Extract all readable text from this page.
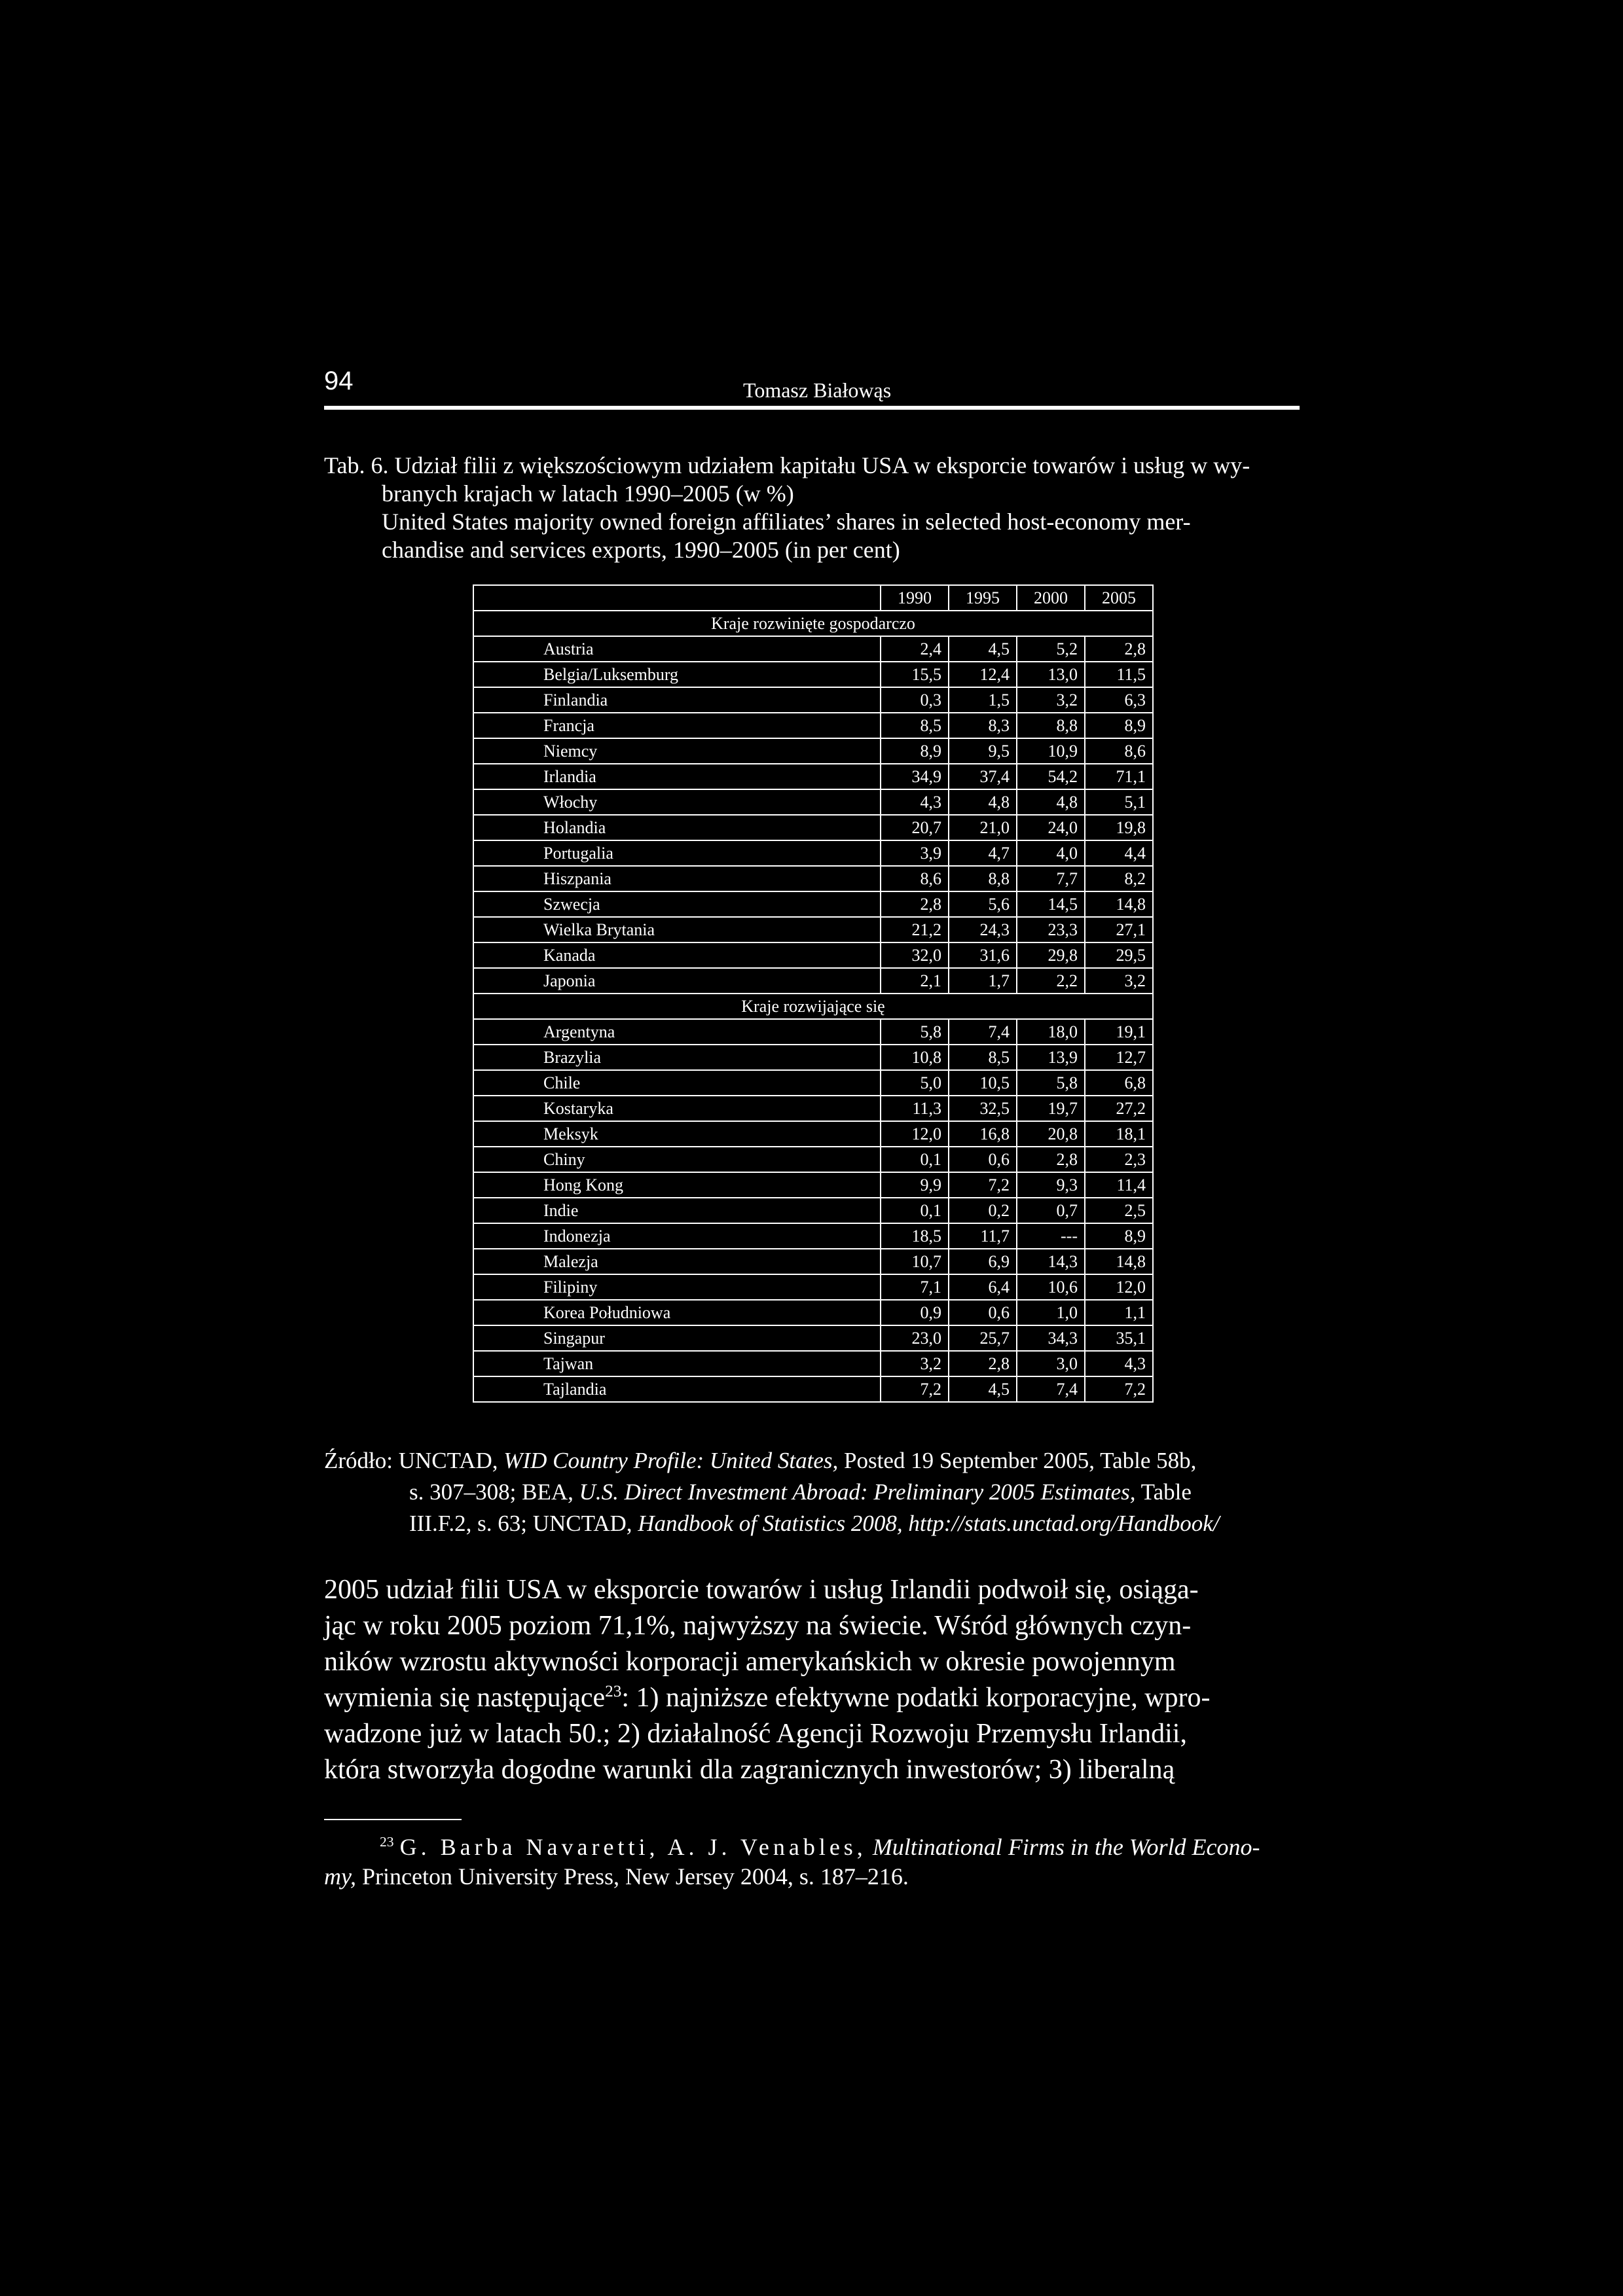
94	Tomasz Białowąs
Tab. 6. Udział filii z większościowym udziałem kapitału USA w eksporcie towarów i usług w wy-
branych krajach w latach 1990–2005 (w %)
United States majority owned foreign affiliates’ shares in selected host-economy mer-
chandise and services exports, 1990–2005 (in per cent)
	1990	1995	2000	2005
Kraje rozwinięte gospodarczo				
Austria	2,4	4,5	5,2	2,8
Belgia/Luksemburg	15,5	12,4	13,0	11,5
Finlandia	0,3	1,5	3,2	6,3
Francja	8,5	8,3	8,8	8,9
Niemcy	8,9	9,5	10,9	8,6
Irlandia	34,9	37,4	54,2	71,1
Włochy	4,3	4,8	4,8	5,1
Holandia	20,7	21,0	24,0	19,8
Portugalia	3,9	4,7	4,0	4,4
Hiszpania	8,6	8,8	7,7	8,2
Szwecja	2,8	5,6	14,5	14,8
Wielka Brytania	21,2	24,3	23,3	27,1
Kanada	32,0	31,6	29,8	29,5
Japonia	2,1	1,7	2,2	3,2
Kraje rozwijające się				
Argentyna	5,8	7,4	18,0	19,1
Brazylia	10,8	8,5	13,9	12,7
Chile	5,0	10,5	5,8	6,8
Kostaryka	11,3	32,5	19,7	27,2
Meksyk	12,0	16,8	20,8	18,1
Chiny	0,1	0,6	2,8	2,3
Hong Kong	9,9	7,2	9,3	11,4
Indie	0,1	0,2	0,7	2,5
Indonezja	18,5	11,7	---	8,9
Malezja	10,7	6,9	14,3	14,8
Filipiny	7,1	6,4	10,6	12,0
Korea Południowa	0,9	0,6	1,0	1,1
Singapur	23,0	25,7	34,3	35,1
Tajwan	3,2	2,8	3,0	4,3
Tajlandia	7,2	4,5	7,4	7,2
Źródło: UNCTAD, WID Country Profile: United States, Posted 19 September 2005, Table 58b,
s. 307–308; BEA, U.S. Direct Investment Abroad: Preliminary 2005 Estimates, Table
III.F.2, s. 63; UNCTAD, Handbook of Statistics 2008, http://stats.unctad.org/Handbook/
2005 udział filii USA w eksporcie towarów i usług Irlandii podwoił się, osiąga-
jąc w roku 2005 poziom 71,1%, najwyższy na świecie. Wśród głównych czyn-
ników wzrostu aktywności korporacji amerykańskich w okresie powojennym
wymienia się następujące$^{23}$: 1) najniższe efektywne podatki korporacyjne, wpro-
wadzone już w latach 50.; 2) działalność Agencji Rozwoju Przemysłu Irlandii,
która stworzyła dogodne warunki dla zagranicznych inwestorów; 3) liberalną
$^{23}$ G. Barba Navaretti, A. J. Venables, Multinational Firms in the World Econo-
my, Princeton University Press, New Jersey 2004, s. 187–216.
